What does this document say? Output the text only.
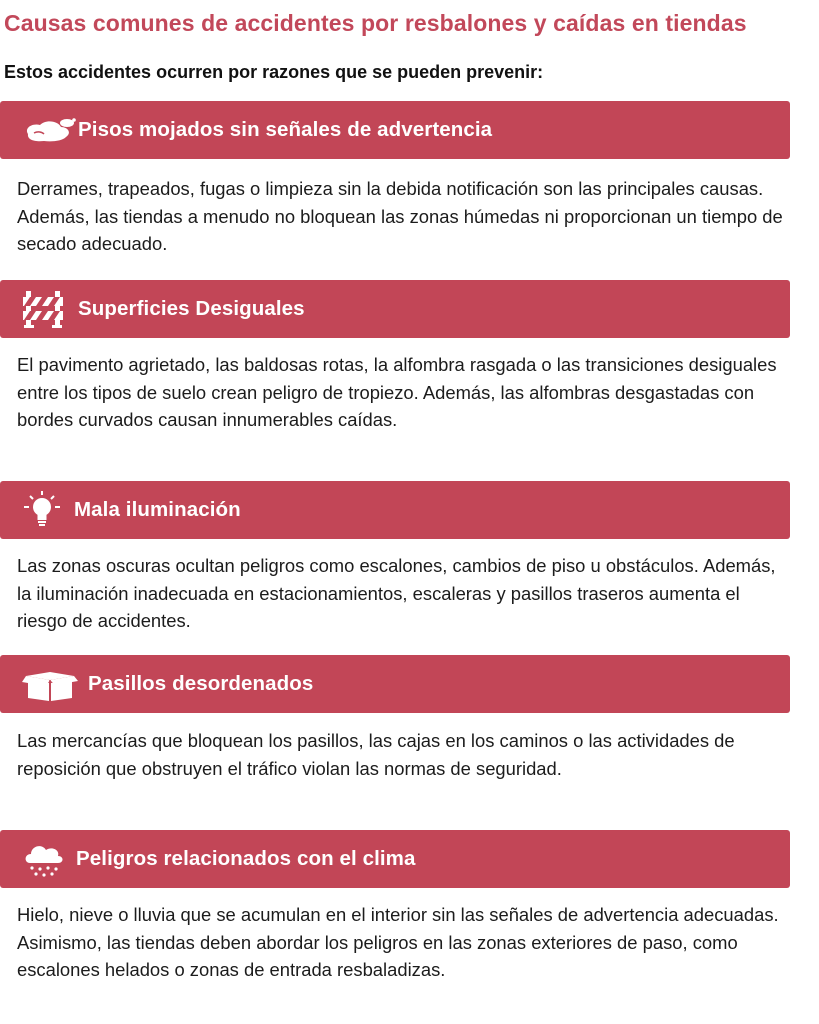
Causas comunes de accidentes por resbalones y caídas en tiendas

Estos accidentes ocurren por razones que se pueden prevenir:

Pisos mojados sin señales de advertencia

Derrames, trapeados, fugas o limpieza sin la debida notificación son las principales causas. Además, las tiendas a menudo no bloquean las zonas húmedas ni proporcionan un tiempo de secado adecuado.

Superficies Desiguales

El pavimento agrietado, las baldosas rotas, la alfombra rasgada o las transiciones desiguales entre los tipos de suelo crean peligro de tropiezo. Además, las alfombras desgastadas con bordes curvados causan innumerables caídas.

Mala iluminación

Las zonas oscuras ocultan peligros como escalones, cambios de piso u obstáculos. Además, la iluminación inadecuada en estacionamientos, escaleras y pasillos traseros aumenta el riesgo de accidentes.

Pasillos desordenados

Las mercancías que bloquean los pasillos, las cajas en los caminos o las actividades de reposición que obstruyen el tráfico violan las normas de seguridad.

Peligros relacionados con el clima

Hielo, nieve o lluvia que se acumulan en el interior sin las señales de advertencia adecuadas. Asimismo, las tiendas deben abordar los peligros en las zonas exteriores de paso, como escalones helados o zonas de entrada resbaladizas.
